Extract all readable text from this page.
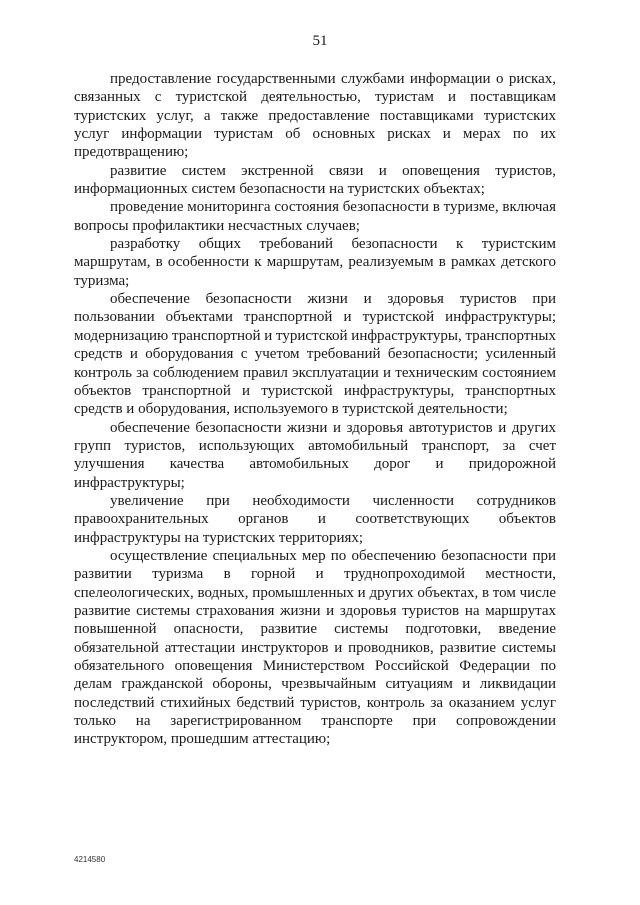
51

предоставление государственными службами информации о рисках, связанных с туристской деятельностью, туристам и поставщикам туристских услуг, а также предоставление поставщиками туристских услуг информации туристам об основных рисках и мерах по их предотвращению;

развитие систем экстренной связи и оповещения туристов, информационных систем безопасности на туристских объектах;

проведение мониторинга состояния безопасности в туризме, включая вопросы профилактики несчастных случаев;

разработку общих требований безопасности к туристским маршрутам, в особенности к маршрутам, реализуемым в рамках детского туризма;

обеспечение безопасности жизни и здоровья туристов при пользовании объектами транспортной и туристской инфраструктуры; модернизацию транспортной и туристской инфраструктуры, транспортных средств и оборудования с учетом требований безопасности; усиленный контроль за соблюдением правил эксплуатации и техническим состоянием объектов транспортной и туристской инфраструктуры, транспортных средств и оборудования, используемого в туристской деятельности;

обеспечение безопасности жизни и здоровья автотуристов и других групп туристов, использующих автомобильный транспорт, за счет улучшения качества автомобильных дорог и придорожной инфраструктуры;

увеличение при необходимости численности сотрудников правоохранительных органов и соответствующих объектов инфраструктуры на туристских территориях;

осуществление специальных мер по обеспечению безопасности при развитии туризма в горной и труднопроходимой местности, спелеологических, водных, промышленных и других объектах, в том числе развитие системы страхования жизни и здоровья туристов на маршрутах повышенной опасности, развитие системы подготовки, введение обязательной аттестации инструкторов и проводников, развитие системы обязательного оповещения Министерством Российской Федерации по делам гражданской обороны, чрезвычайным ситуациям и ликвидации последствий стихийных бедствий туристов, контроль за оказанием услуг только на зарегистрированном транспорте при сопровождении инструктором, прошедшим аттестацию;

4214580
